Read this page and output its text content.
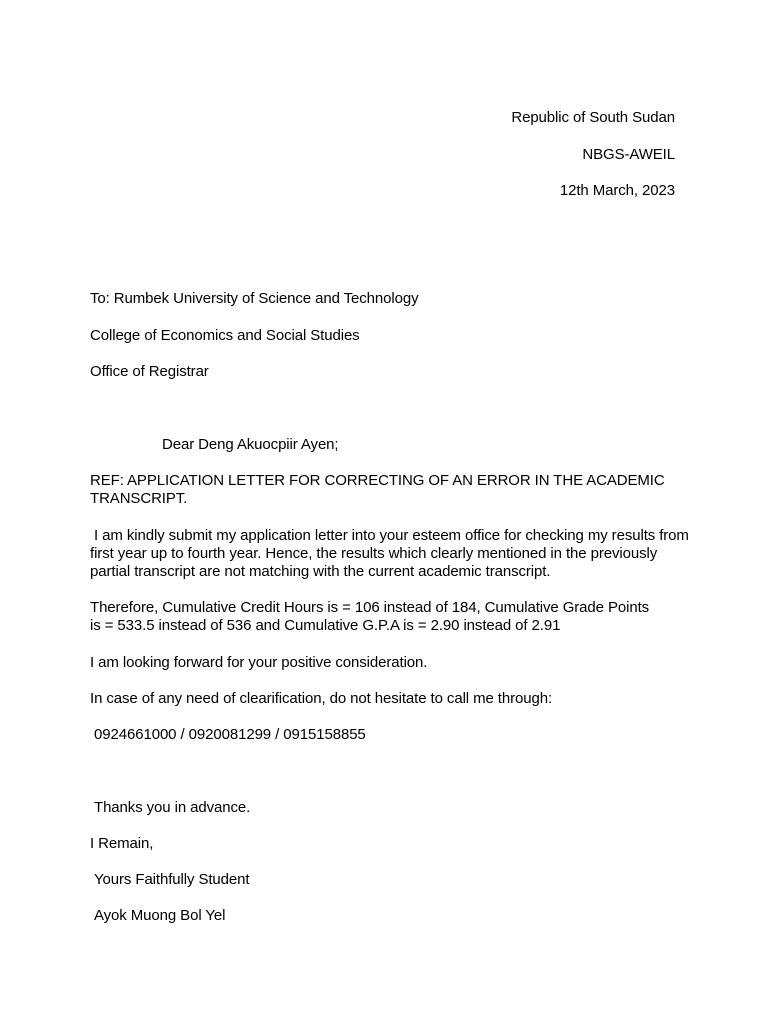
Republic of South Sudan

NBGS-AWEIL

12th March, 2023

To: Rumbek University of Science and Technology

College of Economics and Social Studies

Office of Registrar

Dear Deng Akuocpiir Ayen;

REF: APPLICATION LETTER FOR CORRECTING OF AN ERROR IN THE ACADEMIC TRANSCRIPT.

I am kindly submit my application letter into your esteem office for checking my results from first year up to fourth year. Hence, the results which clearly mentioned in the previously partial transcript are not matching with the current academic transcript.

Therefore, Cumulative Credit Hours is = 106 instead of 184, Cumulative Grade Points is = 533.5 instead of 536 and Cumulative G.P.A is = 2.90 instead of 2.91

I am looking forward for your positive consideration.

In case of any need of clearification, do not hesitate to call me through:

0924661000 / 0920081299 / 0915158855

Thanks you in advance.

I Remain,

Yours Faithfully Student

Ayok Muong Bol Yel
